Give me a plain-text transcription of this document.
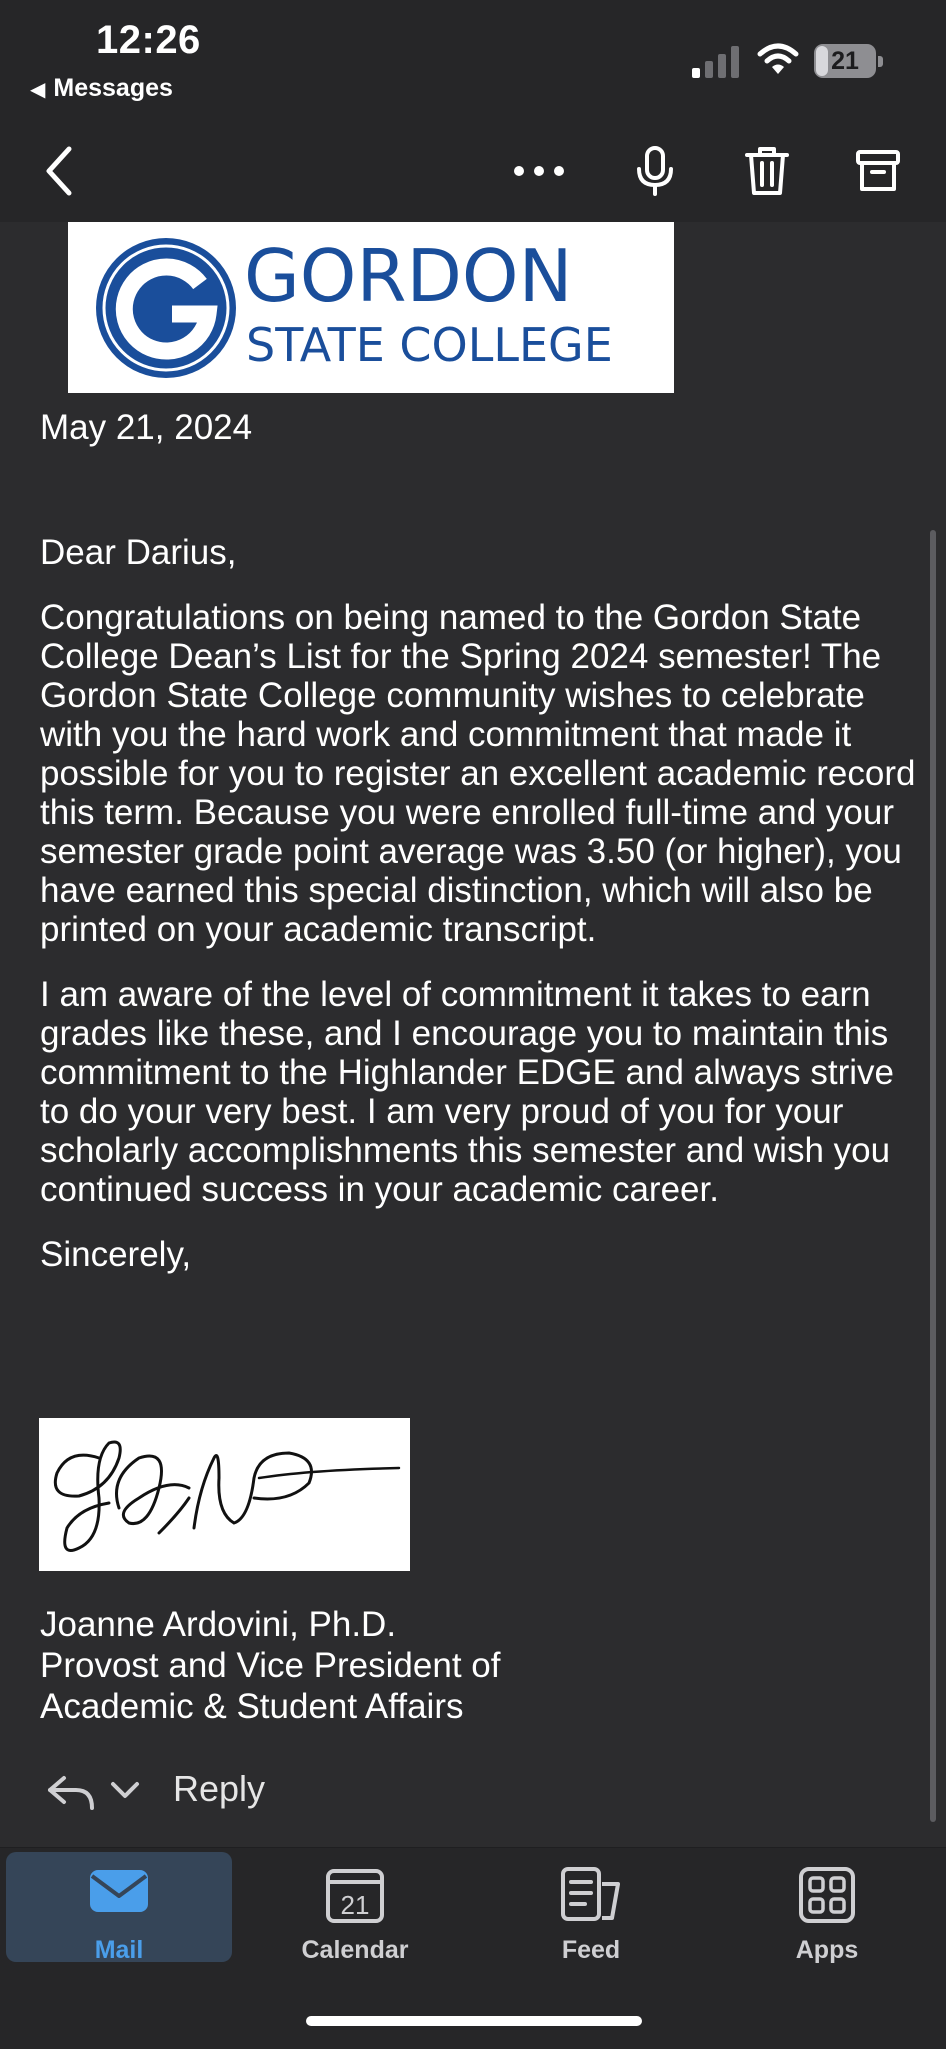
12:26
◀ Messages
21
GORDON
STATE COLLEGE
May 21, 2024

Dear Darius,

Congratulations on being named to the Gordon State College Dean’s List for the Spring 2024 semester! The Gordon State College community wishes to celebrate with you the hard work and commitment that made it possible for you to register an excellent academic record this term. Because you were enrolled full-time and your semester grade point average was 3.50 (or higher), you have earned this special distinction, which will also be printed on your academic transcript.

I am aware of the level of commitment it takes to earn grades like these, and I encourage you to maintain this commitment to the Highlander EDGE and always strive to do your very best. I am very proud of you for your scholarly accomplishments this semester and wish you continued success in your academic career.

Sincerely,

Joanne Ardovini, Ph.D.
Provost and Vice President of
Academic & Student Affairs
Reply
Mail
21
Calendar	Feed	Apps
